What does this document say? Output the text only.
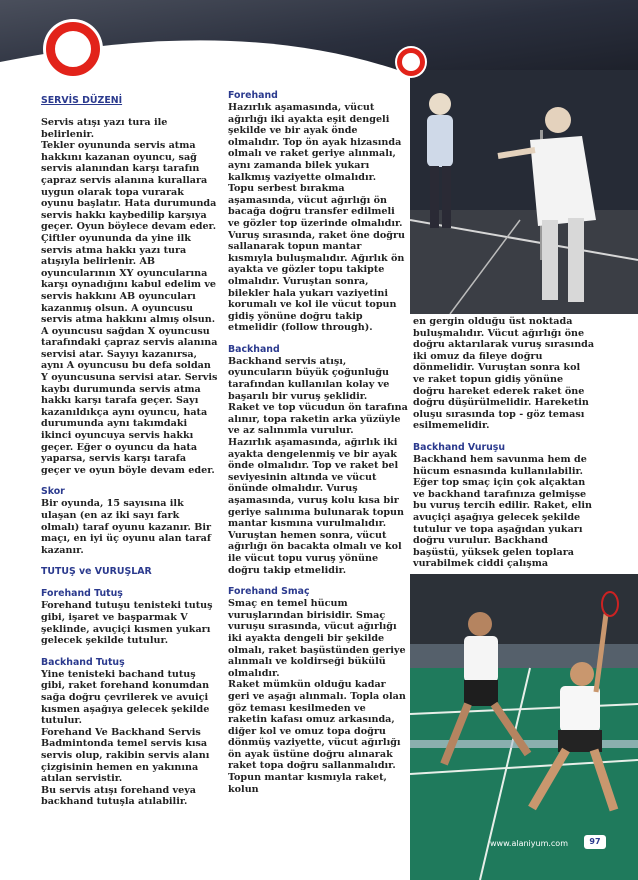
SERVİS DÜZENİ

Servis atışı yazı tura ile belirlenir.
Tekler oyununda servis atma hakkını kazanan oyuncu, sağ servis alanından karşı tarafın çapraz servis alanına kurallara uygun olarak topa vurarak oyunu başlatır. Hata durumunda servis hakkı kaybedilip karşıya geçer. Oyun böylece devam eder.
Çiftler oyununda da yine ilk servis atma hakkı yazı tura atışıyla belirlenir. AB oyuncularının XY oyuncularına karşı oynadığını kabul edelim ve servis hakkını AB oyuncuları kazanmış olsun. A oyuncusu servis atma hakkını almış olsun. A oyuncusu sağdan X oyuncusu tarafındaki çapraz servis alanına servisi atar. Sayıyı kazanırsa, aynı A oyuncusu bu defa soldan Y oyuncusuna servisi atar. Servis kaybı durumunda servis atma hakkı karşı tarafa geçer. Sayı kazanıldıkça aynı oyuncu, hata durumunda aynı takımdaki ikinci oyuncuya servis hakkı geçer. Eğer o oyuncu da hata yaparsa, servis karşı tarafa geçer ve oyun böyle devam eder.

Skor

Bir oyunda, 15 sayısına ilk ulaşan (en az iki sayı fark olmalı) taraf oyunu kazanır. Bir maçı, en iyi üç oyunu alan taraf kazanır.

TUTUŞ ve VURUŞLAR

Forehand Tutuş

Forehand tutuşu tenisteki tutuş gibi, işaret ve başparmak V şeklinde, avuçiçi kısmen yukarı gelecek şekilde tutulur.

Backhand Tutuş

Yine tenisteki bachand tutuş gibi, raket forehand konumdan sağa doğru çevrilerek ve avuiçi kısmen aşağıya gelecek şekilde tutulur.
Forehand Ve Backhand Servis
Badmintonda temel servis kısa servis olup, rakibin servis alanı çizgisinin hemen en yakınına atılan servistir.
Bu servis atışı forehand veya backhand tutuşla atılabilir.

Forehand

Hazırlık aşamasında, vücut ağırlığı iki ayakta eşit dengeli şekilde ve bir ayak önde olmalıdır. Top ön ayak hizasında olmalı ve raket geriye alınmalı, aynı zamanda bilek yukarı kalkmış vaziyette olmalıdır.
Topu serbest bırakma aşamasında, vücut ağırlığı ön bacağa doğru transfer edilmeli ve gözler top üzerinde olmalıdır. Vuruş sırasında, raket öne doğru sallanarak topun mantar kısmıyla buluşmalıdır. Ağırlık ön ayakta ve gözler topu takipte olmalıdır. Vuruştan sonra, bilekler hala yukarı vaziyetini korumalı ve kol ile vücut topun gidiş yönüne doğru takip etmelidir (follow through).

Backhand

Backhand servis atışı, oyuncuların büyük çoğunluğu tarafından kullanılan kolay ve başarılı bir vuruş şeklidir.
Raket ve top vücudun ön tarafına alınır, topa raketin arka yüzüyle ve az salınımla vurulur.
Hazırlık aşamasında, ağırlık iki ayakta dengelenmiş ve bir ayak önde olmalıdır. Top ve raket bel seviyesinin altında ve vücut önünde olmalıdır. Vuruş aşamasında, vuruş kolu kısa bir geriye salınıma bulunarak topun mantar kısmına vurulmalıdır.
Vuruştan hemen sonra, vücut ağırlığı ön bacakta olmalı ve kol ile vücut topu vuruş yönüne doğru takip etmelidir.

Forehand Smaç

Smaç en temel hücum vuruşlarından birisidir. Smaç vuruşu sırasında, vücut ağırlığı iki ayakta dengeli bir şekilde olmalı, raket başüstünden geriye alınmalı ve koldirseği bükülü olmalıdır.
Raket mümkün olduğu kadar geri ve aşağı alınmalı. Topla olan göz teması kesilmeden ve raketin kafası omuz arkasında, diğer kol ve omuz topa doğru dönmüş vaziyette, vücut ağırlığı ön ayak üstüne doğru alınarak raket topa doğru sallanmalıdır.
Topun mantar kısmıyla raket, kolun

en gergin olduğu üst noktada buluşmalıdır. Vücut ağırlığı öne doğru aktarılarak vuruş sırasında iki omuz da fileye doğru dönmelidir. Vuruştan sonra kol ve raket topun gidiş yönüne doğru hareket ederek raket öne doğru düşürülmelidir. Hareketin oluşu sırasında top - göz teması esilmemelidir.

Backhand Vuruşu

Backhand hem savunma hem de hücum esnasında kullanılabilir. Eğer top smaç için çok alçaktan ve backhand tarafınıza gelmişse bu vuruş tercih edilir. Raket, elin avuçiçi aşağıya gelecek şekilde tutulur ve topa aşağıdan yukarı doğru vurulur. Backhand başüstü, yüksek gelen toplara vurabilmek ciddi çalışma

www.alaniyum.com	97
